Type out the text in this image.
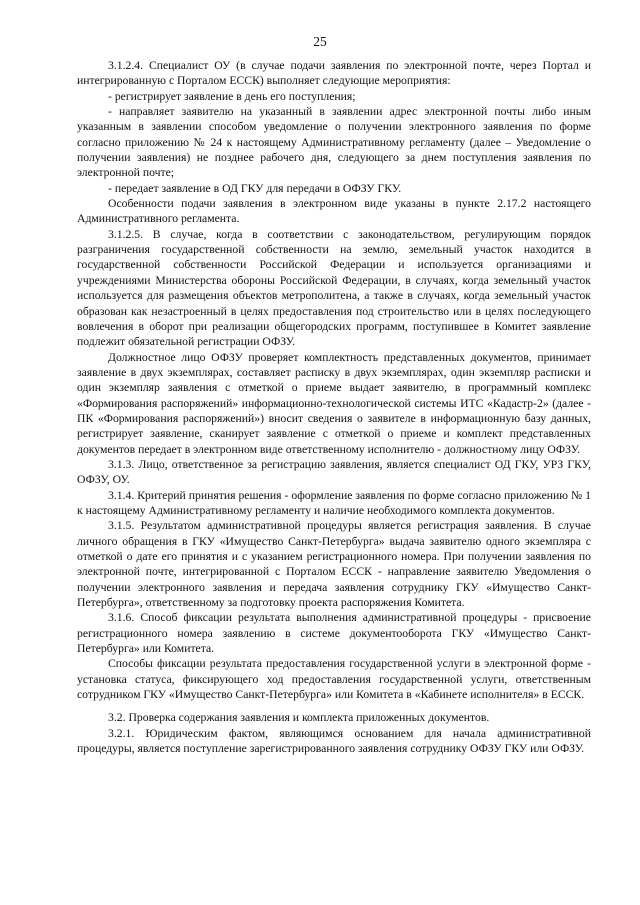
25

3.1.2.4. Специалист ОУ (в случае подачи заявления по электронной почте, через Портал и интегрированную с Порталом ЕССК) выполняет следующие мероприятия:

- регистрирует заявление в день его поступления;

- направляет заявителю на указанный в заявлении адрес электронной почты либо иным указанным в заявлении способом уведомление о получении электронного заявления по форме согласно приложению № 24 к настоящему Административному регламенту (далее – Уведомление о получении заявления) не позднее рабочего дня, следующего за днем поступления заявления по электронной почте;

- передает заявление в ОД ГКУ для передачи в ОФЗУ ГКУ.

Особенности подачи заявления в электронном виде указаны в пункте 2.17.2 настоящего Административного регламента.

3.1.2.5. В случае, когда в соответствии с законодательством, регулирующим порядок разграничения государственной собственности на землю, земельный участок находится в государственной собственности Российской Федерации и используется организациями и учреждениями Министерства обороны Российской Федерации, в случаях, когда земельный участок используется для размещения объектов метрополитена, а также в случаях, когда земельный участок образован как незастроенный в целях предоставления под строительство или в целях последующего вовлечения в оборот при реализации общегородских программ, поступившее в Комитет заявление подлежит обязательной регистрации ОФЗУ.

Должностное лицо ОФЗУ проверяет комплектность представленных документов, принимает заявление в двух экземплярах, составляет расписку в двух экземплярах, один экземпляр расписки и один экземпляр заявления с отметкой о приеме выдает заявителю, в программный комплекс «Формирования распоряжений» информационно-технологической системы ИТС «Кадастр-2» (далее - ПК «Формирования распоряжений») вносит сведения о заявителе в информационную базу данных, регистрирует заявление, сканирует заявление с отметкой о приеме и комплект представленных документов передает в электронном виде ответственному исполнителю - должностному лицу ОФЗУ.

3.1.3. Лицо, ответственное за регистрацию заявления, является специалист ОД ГКУ, УРЗ ГКУ, ОФЗУ, ОУ.

3.1.4. Критерий принятия решения - оформление заявления по форме согласно приложению № 1 к настоящему Административному регламенту и наличие необходимого комплекта документов.

3.1.5. Результатом административной процедуры является регистрация заявления. В случае личного обращения в ГКУ «Имущество Санкт-Петербурга» выдача заявителю одного экземпляра с отметкой о дате его принятия и с указанием регистрационного номера. При получении заявления по электронной почте, интегрированной с Порталом ЕССК - направление заявителю Уведомления о получении электронного заявления и передача заявления сотруднику ГКУ «Имущество Санкт-Петербурга», ответственному за подготовку проекта распоряжения Комитета.

3.1.6. Способ фиксации результата выполнения административной процедуры - присвоение регистрационного номера заявлению в системе документооборота ГКУ «Имущество Санкт-Петербурга» или Комитета.

Способы фиксации результата предоставления государственной услуги в электронной форме - установка статуса, фиксирующего ход предоставления государственной услуги, ответственным сотрудником ГКУ «Имущество Санкт-Петербурга» или Комитета в «Кабинете исполнителя» в ЕССК.

3.2. Проверка содержания заявления и комплекта приложенных документов.

3.2.1. Юридическим фактом, являющимся основанием для начала административной процедуры, является поступление зарегистрированного заявления сотруднику ОФЗУ ГКУ или ОФЗУ.
